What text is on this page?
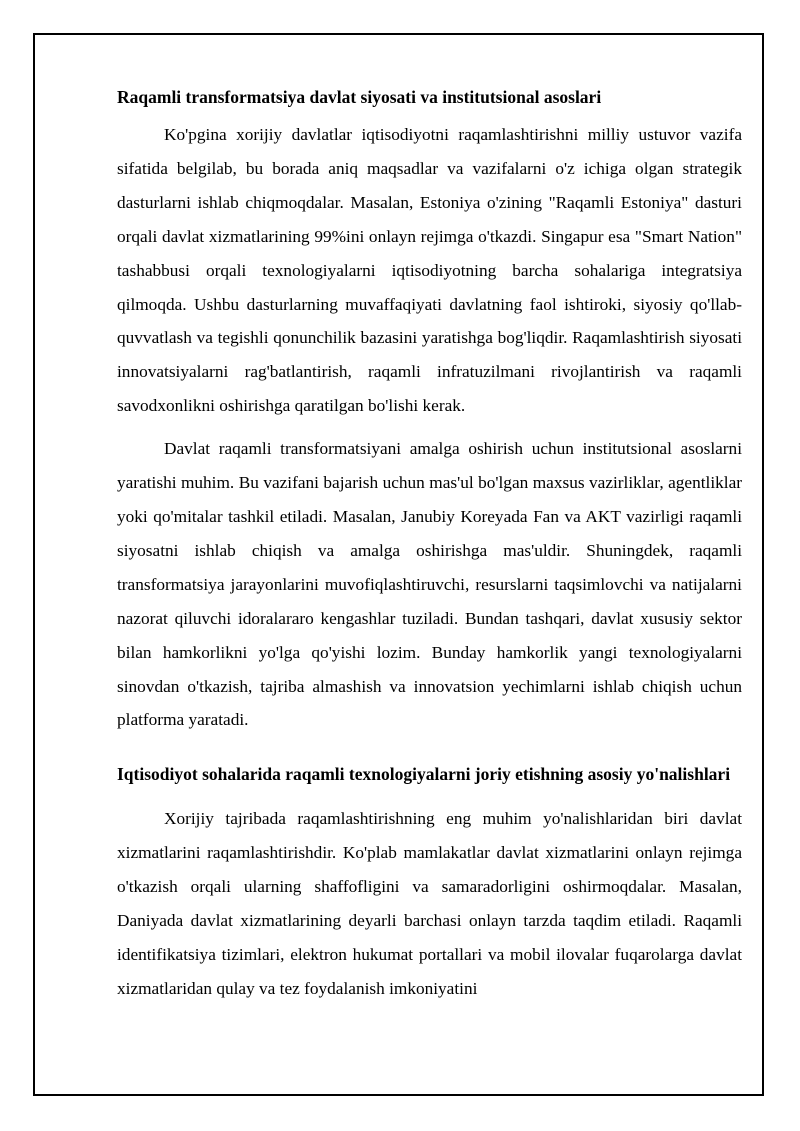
Raqamli transformatsiya davlat siyosati va institutsional asoslari

Ko'pgina xorijiy davlatlar iqtisodiyotni raqamlashtirishni milliy ustuvor vazifa sifatida belgilab, bu borada aniq maqsadlar va vazifalarni o'z ichiga olgan strategik dasturlarni ishlab chiqmoqdalar. Masalan, Estoniya o'zining "Raqamli Estoniya" dasturi orqali davlat xizmatlarining 99%ini onlayn rejimga o'tkazdi. Singapur esa "Smart Nation" tashabbusi orqali texnologiyalarni iqtisodiyotning barcha sohalariga integratsiya qilmoqda. Ushbu dasturlarning muvaffaqiyati davlatning faol ishtiroki, siyosiy qo'llab-quvvatlash va tegishli qonunchilik bazasini yaratishga bog'liqdir. Raqamlashtirish siyosati innovatsiyalarni rag'batlantirish, raqamli infratuzilmani rivojlantirish va raqamli savodxonlikni oshirishga qaratilgan bo'lishi kerak.

Davlat raqamli transformatsiyani amalga oshirish uchun institutsional asoslarni yaratishi muhim. Bu vazifani bajarish uchun mas'ul bo'lgan maxsus vazirliklar, agentliklar yoki qo'mitalar tashkil etiladi. Masalan, Janubiy Koreyada Fan va AKT vazirligi raqamli siyosatni ishlab chiqish va amalga oshirishga mas'uldir. Shuningdek, raqamli transformatsiya jarayonlarini muvofiqlashtiruvchi, resurslarni taqsimlovchi va natijalarni nazorat qiluvchi idoralararo kengashlar tuziladi. Bundan tashqari, davlat xususiy sektor bilan hamkorlikni yo'lga qo'yishi lozim. Bunday hamkorlik yangi texnologiyalarni sinovdan o'tkazish, tajriba almashish va innovatsion yechimlarni ishlab chiqish uchun platforma yaratadi.

Iqtisodiyot sohalarida raqamli texnologiyalarni joriy etishning asosiy yo'nalishlari

Xorijiy tajribada raqamlashtirishning eng muhim yo'nalishlaridan biri davlat xizmatlarini raqamlashtirishdir. Ko'plab mamlakatlar davlat xizmatlarini onlayn rejimga o'tkazish orqali ularning shaffofligini va samaradorligini oshirmoqdalar. Masalan, Daniyada davlat xizmatlarining deyarli barchasi onlayn tarzda taqdim etiladi. Raqamli identifikatsiya tizimlari, elektron hukumat portallari va mobil ilovalar fuqarolarga davlat xizmatlaridan qulay va tez foydalanish imkoniyatini
